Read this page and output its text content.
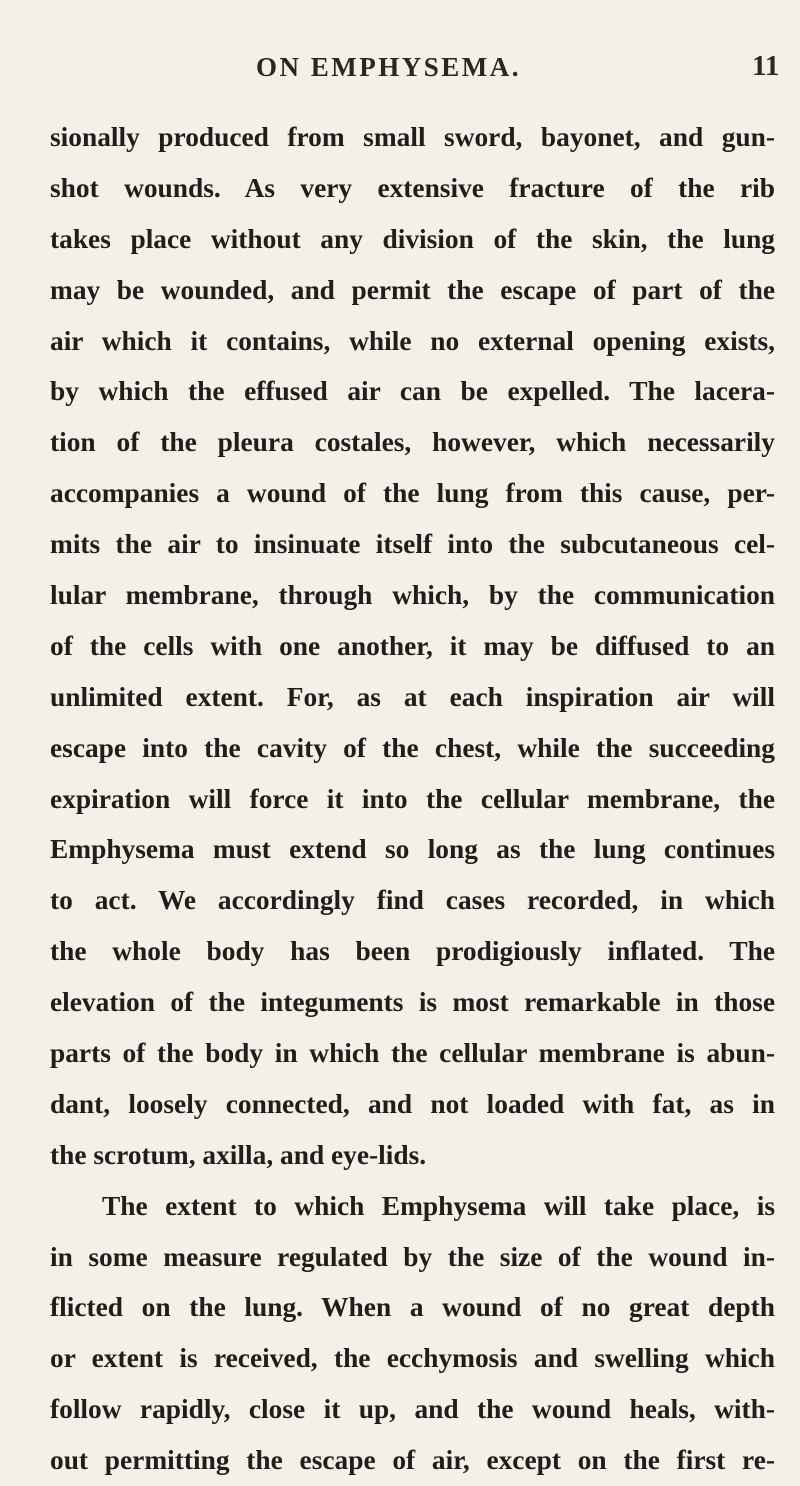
ON EMPHYSEMA.	11
sionally produced from small sword, bayonet, and gun-
shot wounds. As very extensive fracture of the rib
takes place without any division of the skin, the lung
may be wounded, and permit the escape of part of the
air which it contains, while no external opening exists,
by which the effused air can be expelled. The lacera-
tion of the pleura costales, however, which necessarily
accompanies a wound of the lung from this cause, per-
mits the air to insinuate itself into the subcutaneous cel-
lular membrane, through which, by the communication
of the cells with one another, it may be diffused to an
unlimited extent. For, as at each inspiration air will
escape into the cavity of the chest, while the succeeding
expiration will force it into the cellular membrane, the
Emphysema must extend so long as the lung continues
to act. We accordingly find cases recorded, in which
the whole body has been prodigiously inflated. The
elevation of the integuments is most remarkable in those
parts of the body in which the cellular membrane is abun-
dant, loosely connected, and not loaded with fat, as in
the scrotum, axilla, and eye-lids.
The extent to which Emphysema will take place, is
in some measure regulated by the size of the wound in-
flicted on the lung. When a wound of no great depth
or extent is received, the ecchymosis and swelling which
follow rapidly, close it up, and the wound heals, with-
out permitting the escape of air, except on the first re-
